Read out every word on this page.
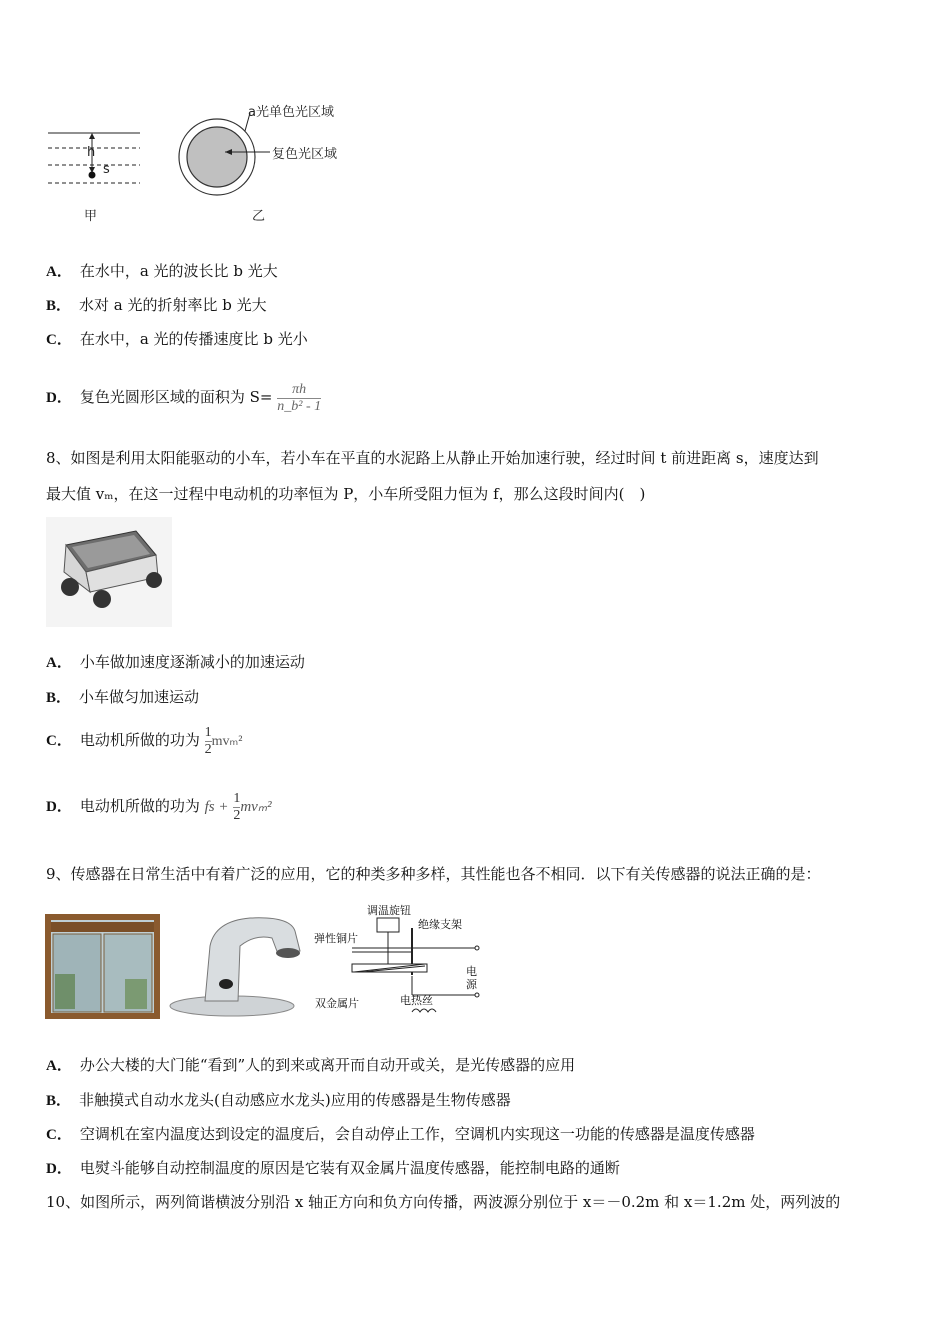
h
s
甲	乙
a光单色光区域
复色光区域
A． 在水中，a 光的波长比 b 光大
B． 水对 a 光的折射率比 b 光大
C． 在水中，a 光的传播速度比 b 光小
D． 复色光圆形区域的面积为 $S= \frac{\pi h}{\text{n\_b² - 1}}$
8、如图是利用太阳能驱动的小车，若小车在平直的水泥路上从静止开始加速行驶，经过时间 t 前进距离 s，速度达到
最大值 vₘ，在这一过程中电动机的功率恒为 P，小车所受阻力恒为 f，那么这段时间内(　)
A． 小车做加速度逐渐减小的加速运动
B． 小车做匀加速运动
C． 电动机所做的功为 $\frac{1}{2} mv_m^2$
D． 电动机所做的功为 fs + $\frac{1}{2} mv_m^2$
9、传感器在日常生活中有着广泛的应用，它的种类多种多样，其性能也各不相同．以下有关传感器的说法正确的是：
调温旋钮
绝缘支架
弹性铜片
电源
双金属片	电热丝
A． 办公大楼的大门能“看到”人的到来或离开而自动开或关，是光传感器的应用
B． 非触摸式自动水龙头(自动感应水龙头)应用的传感器是生物传感器
C． 空调机在室内温度达到设定的温度后，会自动停止工作，空调机内实现这一功能的传感器是温度传感器
D． 电熨斗能够自动控制温度的原因是它装有双金属片温度传感器，能控制电路的通断
10、如图所示，两列简谐横波分别沿 x 轴正方向和负方向传播，两波源分别位于 x＝－0.2m 和 x＝1.2m 处，两列波的
